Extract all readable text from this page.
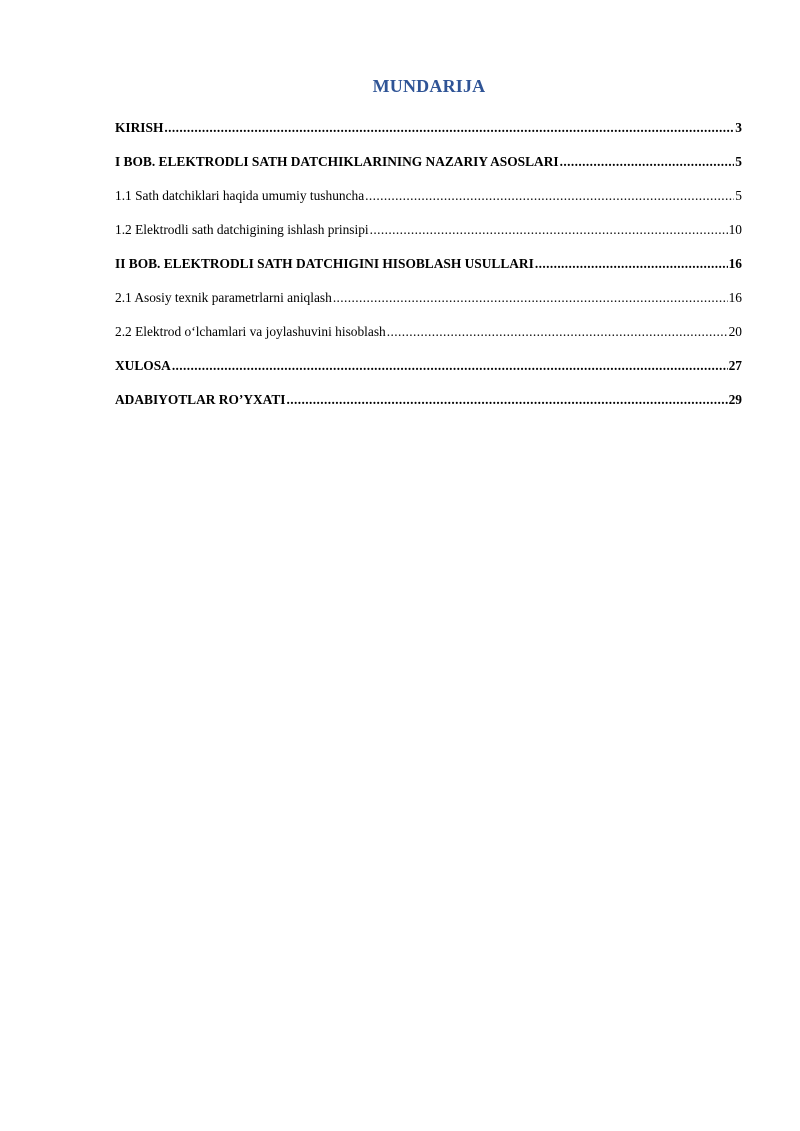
MUNDARIJA
KIRISH .....	3
I BOB. ELEKTRODLI SATH DATCHIKLARINING NAZARIY ASOSLARI .....	5
1.1 Sath datchiklari haqida umumiy tushuncha .....	5
1.2 Elektrodli sath datchigining ishlash prinsipi .....	10
II BOB. ELEKTRODLI SATH DATCHIGINI HISOBLASH USULLARI .....	16
2.1 Asosiy texnik parametrlarni aniqlash .....	16
2.2 Elektrod o‘lchamlari va joylashuvini hisoblash .....	20
XULOSA .....	27
ADABIYOTLAR RO’YXATI .....	29
